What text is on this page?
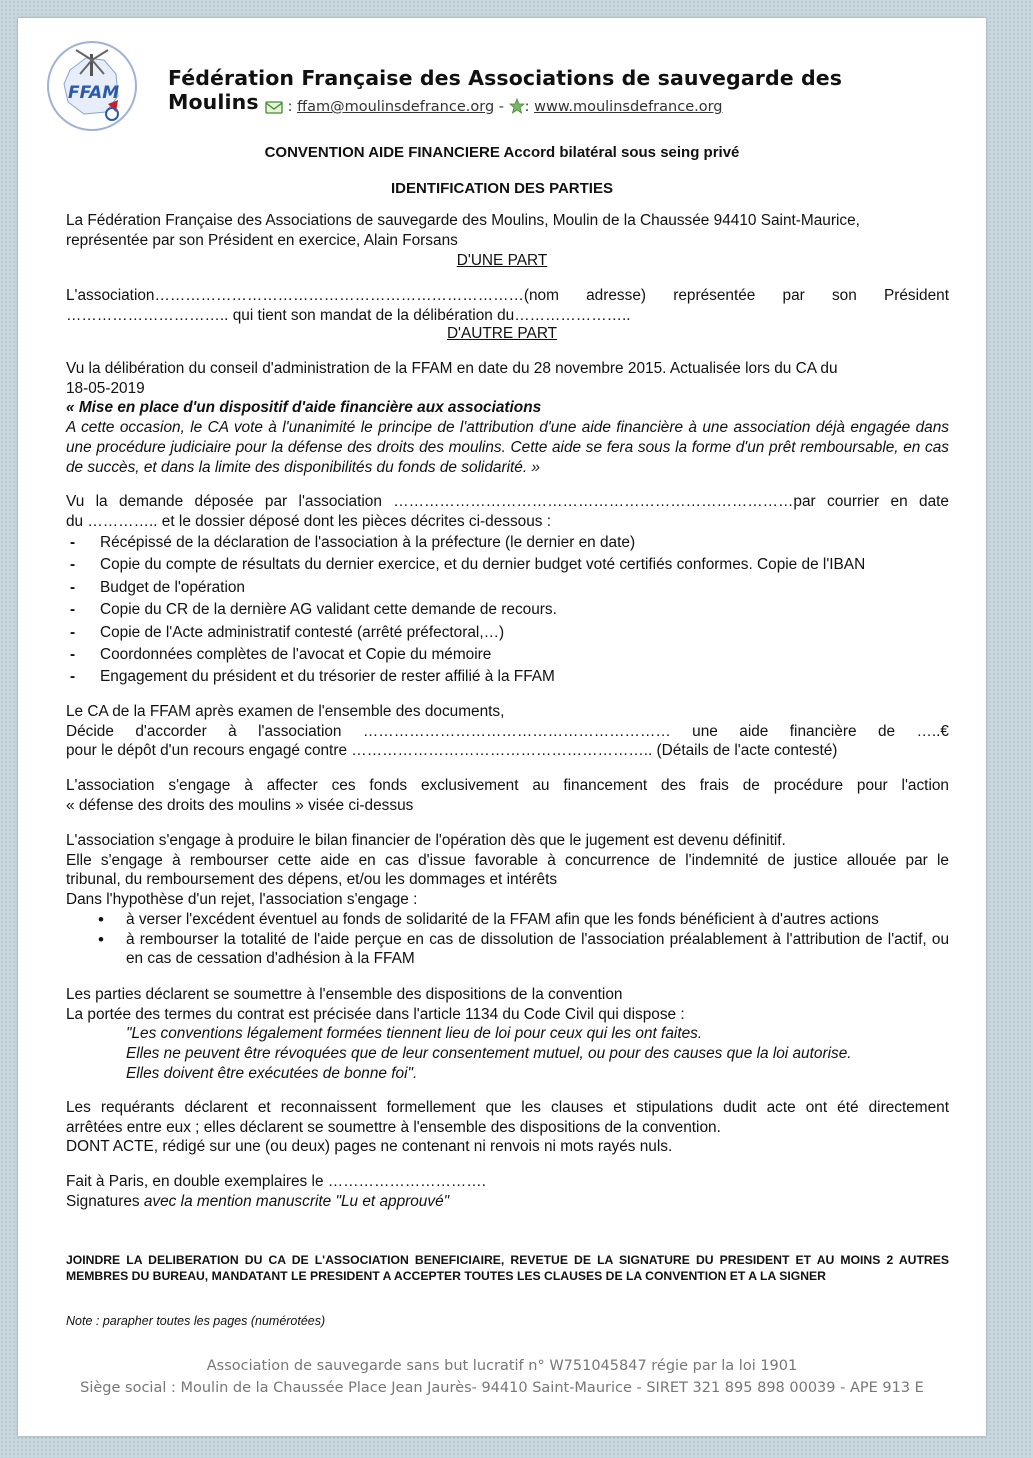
FFAM
Fédération Française des Associations de sauvegarde des Moulins	: ffam@moulinsdefrance.org - : www.moulinsdefrance.org
CONVENTION AIDE FINANCIERE Accord bilatéral sous seing privé
IDENTIFICATION DES PARTIES
La Fédération Française des Associations de sauvegarde des Moulins, Moulin de la Chaussée 94410 Saint-Maurice,
représentée par son Président en exercice, Alain Forsans
D'UNE PART
L'association………………………………………………………………(nom adresse) représentée par son Président
………………………….. qui tient son mandat de la délibération du…………………..
D'AUTRE PART
Vu la délibération du conseil d'administration de la FFAM en date du 28 novembre 2015. Actualisée lors du CA du
18-05-2019
« Mise en place d'un dispositif d'aide financière aux associations
A cette occasion, le CA vote à l'unanimité le principe de l'attribution d'une aide financière à une association déjà engagée dans une procédure judiciaire pour la défense des droits des moulins. Cette aide se fera sous la forme d'un prêt remboursable, en cas de succès, et dans la limite des disponibilités du fonds de solidarité. »
Vu la demande déposée par l'association ……………………………………………………………………par courrier en date
du ………….. et le dossier déposé dont les pièces décrites ci-dessous :
- Récépissé de la déclaration de l'association à la préfecture (le dernier en date)
- Copie du compte de résultats du dernier exercice, et du dernier budget voté certifiés conformes. Copie de l'IBAN
- Budget de l'opération
- Copie du CR de la dernière AG validant cette demande de recours.
- Copie de l'Acte administratif contesté (arrêté préfectoral,…)
- Coordonnées complètes de l'avocat et Copie du mémoire
- Engagement du président et du trésorier de rester affilié à la FFAM
Le CA de la FFAM après examen de l'ensemble des documents,
Décide d'accorder à l'association …………………………………………………… une aide financière de …..€
pour le dépôt d'un recours engagé contre ………………………………………………….. (Détails de l'acte contesté)
L'association s'engage à affecter ces fonds exclusivement au financement des frais de procédure pour l'action
« défense des droits des moulins » visée ci-dessus
L'association s'engage à produire le bilan financier de l'opération dès que le jugement est devenu définitif.
Elle s'engage à rembourser cette aide en cas d'issue favorable à concurrence de l'indemnité de justice allouée par le
tribunal, du remboursement des dépens, et/ou les dommages et intérêts
Dans l'hypothèse d'un rejet, l'association s'engage :
• à verser l'excédent éventuel au fonds de solidarité de la FFAM afin que les fonds bénéficient à d'autres actions
• à rembourser la totalité de l'aide perçue en cas de dissolution de l'association préalablement à l'attribution de l'actif, ou en cas de cessation d'adhésion à la FFAM
Les parties déclarent se soumettre à l'ensemble des dispositions de la convention
La portée des termes du contrat est précisée dans l'article 1134 du Code Civil qui dispose :
"Les conventions légalement formées tiennent lieu de loi pour ceux qui les ont faites.
Elles ne peuvent être révoquées que de leur consentement mutuel, ou pour des causes que la loi autorise.
Elles doivent être exécutées de bonne foi".
Les requérants déclarent et reconnaissent formellement que les clauses et stipulations dudit acte ont été directement
arrêtées entre eux ; elles déclarent se soumettre à l'ensemble des dispositions de la convention.
DONT ACTE, rédigé sur une (ou deux) pages ne contenant ni renvois ni mots rayés nuls.
Fait à Paris, en double exemplaires le ………………………….
Signatures avec la mention manuscrite "Lu et approuvé"
JOINDRE LA DELIBERATION DU CA DE L'ASSOCIATION BENEFICIAIRE, REVETUE DE LA SIGNATURE DU PRESIDENT ET AU MOINS 2 AUTRES MEMBRES DU BUREAU, MANDATANT LE PRESIDENT A ACCEPTER TOUTES LES CLAUSES DE LA CONVENTION ET A LA SIGNER
Note : parapher toutes les pages (numérotées)
Association de sauvegarde sans but lucratif n° W751045847 régie par la loi 1901
Siège social : Moulin de la Chaussée Place Jean Jaurès- 94410 Saint-Maurice - SIRET 321 895 898 00039 - APE 913 E
